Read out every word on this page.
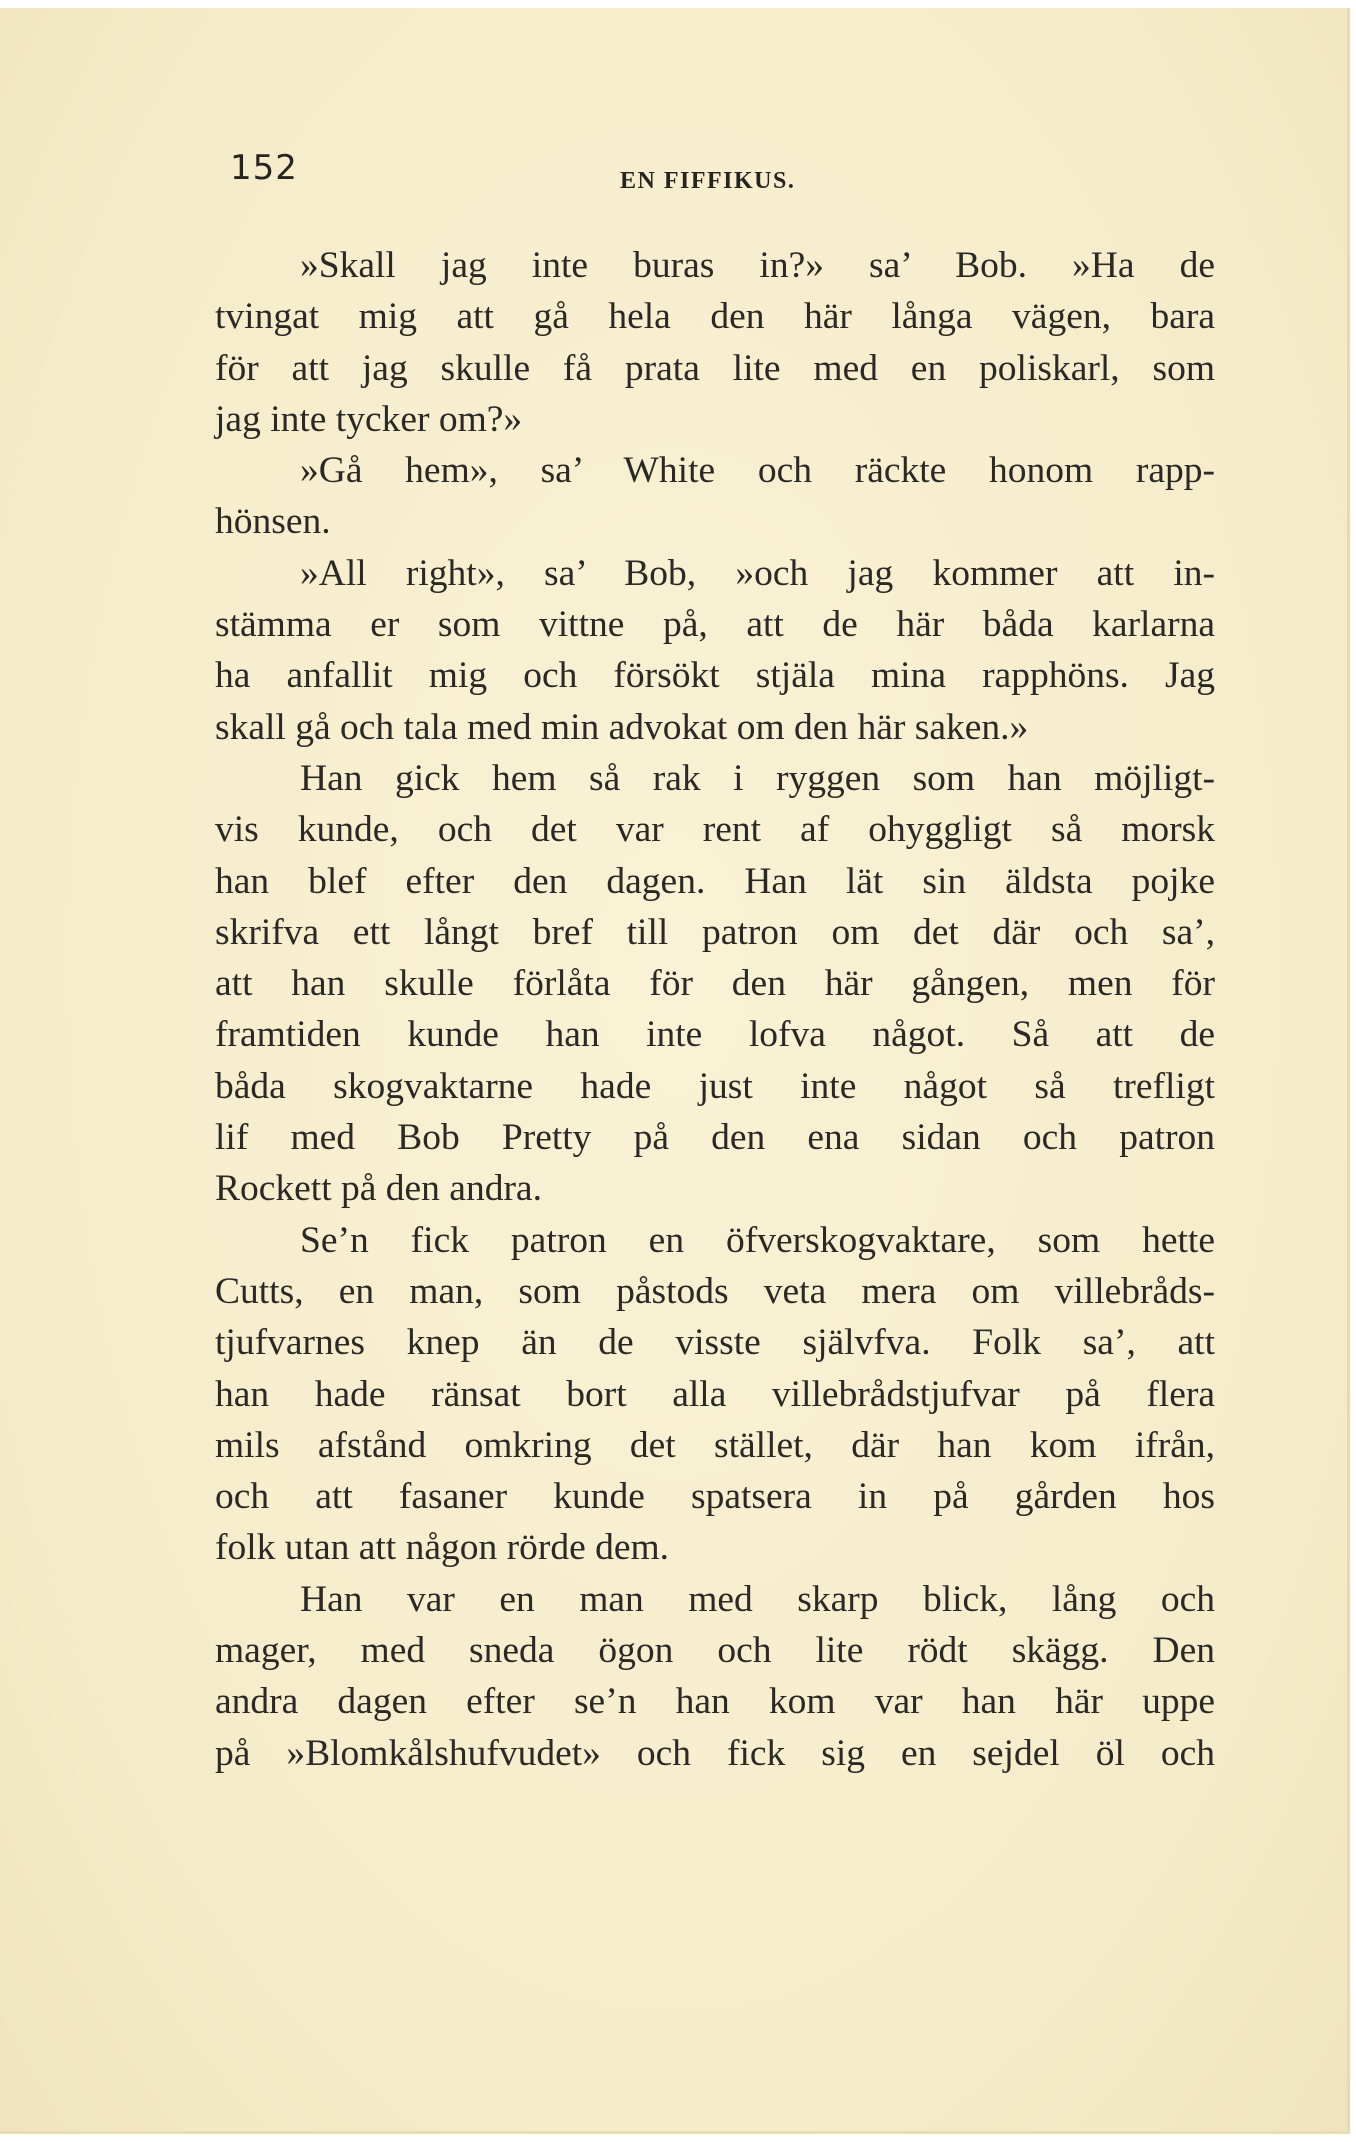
152	EN FIFFIKUS.
»Skall jag inte buras in?» sa’ Bob. »Ha de
tvingat mig att gå hela den här långa vägen, bara
för att jag skulle få prata lite med en poliskarl, som
jag inte tycker om?»
»Gå hem», sa’ White och räckte honom rapp-
hönsen.
»All right», sa’ Bob, »och jag kommer att in-
stämma er som vittne på, att de här båda karlarna
ha anfallit mig och försökt stjäla mina rapphöns. Jag
skall gå och tala med min advokat om den här saken.»
Han gick hem så rak i ryggen som han möjligt-
vis kunde, och det var rent af ohyggligt så morsk
han blef efter den dagen. Han lät sin äldsta pojke
skrifva ett långt bref till patron om det där och sa’,
att han skulle förlåta för den här gången, men för
framtiden kunde han inte lofva något. Så att de
båda skogvaktarne hade just inte något så trefligt
lif med Bob Pretty på den ena sidan och patron
Rockett på den andra.
Se’n fick patron en öfverskogvaktare, som hette
Cutts, en man, som påstods veta mera om villebråds-
tjufvarnes knep än de visste självfva. Folk sa’, att
han hade ränsat bort alla villebrådstjufvar på flera
mils afstånd omkring det stället, där han kom ifrån,
och att fasaner kunde spatsera in på gården hos
folk utan att någon rörde dem.
Han var en man med skarp blick, lång och
mager, med sneda ögon och lite rödt skägg. Den
andra dagen efter se’n han kom var han här uppe
på »Blomkålshufvudet» och fick sig en sejdel öl och
